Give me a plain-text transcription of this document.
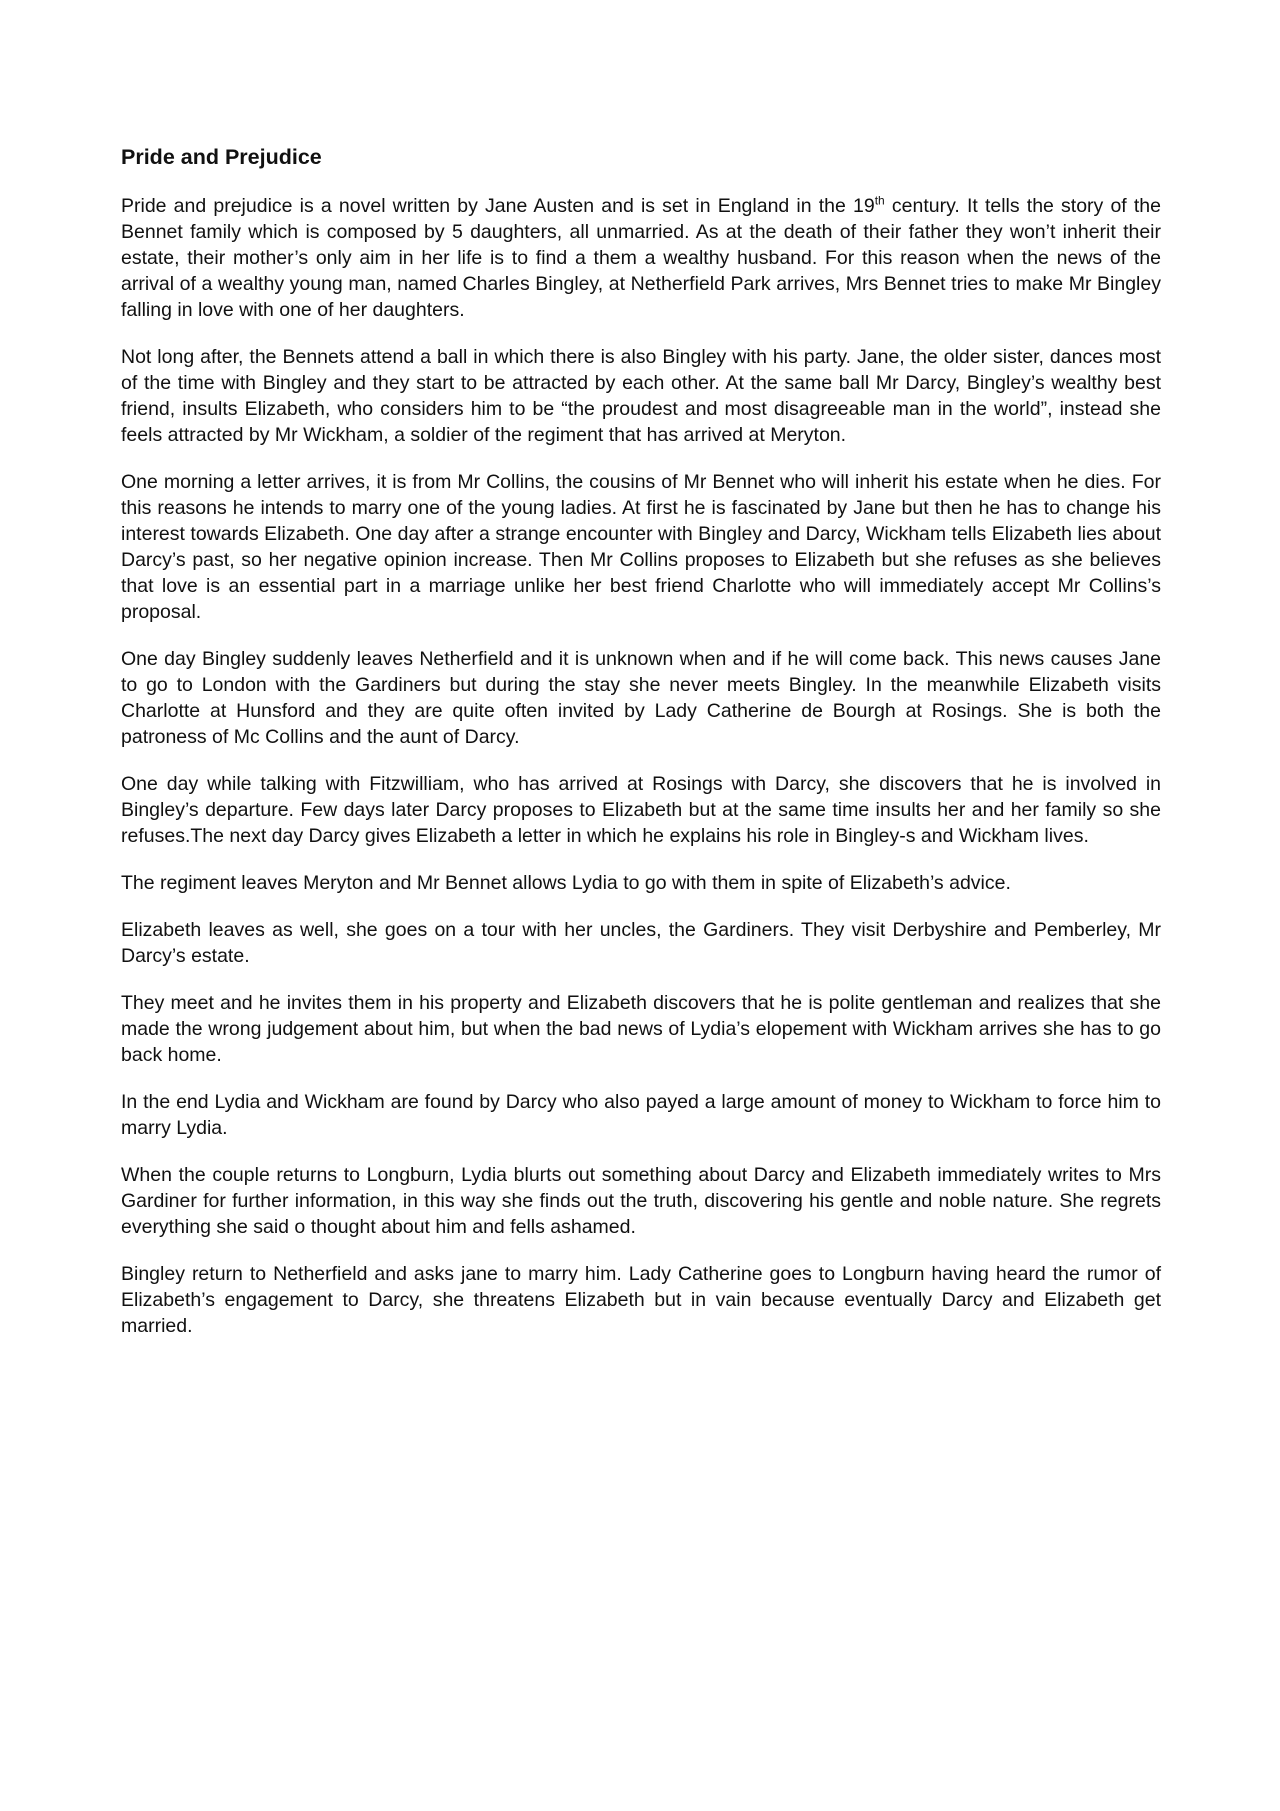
Pride and Prejudice

Pride and prejudice is a novel written by Jane Austen and is set in England in the 19th century. It tells the story of the Bennet family which is composed by 5 daughters, all unmarried. As at the death of their father they won’t inherit their estate, their mother’s only aim in her life is to find a them a wealthy husband. For this reason when the news of the arrival of a wealthy young man, named Charles Bingley, at Netherfield Park arrives, Mrs Bennet tries to make Mr Bingley falling in love with one of her daughters.

Not long after, the Bennets attend a ball in which there is also Bingley with his party. Jane, the older sister, dances most of the time with Bingley and they start to be attracted by each other. At the same ball Mr Darcy, Bingley’s wealthy best friend, insults Elizabeth, who considers him to be “the proudest and most disagreeable man in the world”, instead she feels attracted by Mr Wickham, a soldier of the regiment that has arrived at Meryton.

One morning a letter arrives, it is from Mr Collins, the cousins of Mr Bennet who will inherit his estate when he dies. For this reasons he intends to marry one of the young ladies. At first he is fascinated by Jane but then he has to change his interest towards Elizabeth. One day after a strange encounter with Bingley and Darcy, Wickham tells Elizabeth lies about Darcy’s past, so her negative opinion increase. Then Mr Collins proposes to Elizabeth but she refuses as she believes that love is an essential part in a marriage unlike her best friend Charlotte who will immediately accept Mr Collins’s proposal.

One day Bingley suddenly leaves Netherfield and it is unknown when and if he will come back. This news causes Jane to go to London with the Gardiners but during the stay she never meets Bingley. In the meanwhile Elizabeth visits Charlotte at Hunsford and they are quite often invited by Lady Catherine de Bourgh at Rosings. She is both the patroness of Mc Collins and the aunt of Darcy.

One day while talking with Fitzwilliam, who has arrived at Rosings with Darcy, she discovers that he is involved in Bingley’s departure. Few days later Darcy proposes to Elizabeth but at the same time insults her and her family so she refuses.The next day Darcy gives Elizabeth a letter in which he explains his role in Bingley-s and Wickham lives.

The regiment leaves Meryton and Mr Bennet allows Lydia to go with them in spite of Elizabeth’s advice.

Elizabeth leaves as well, she goes on a tour with her uncles, the Gardiners. They visit Derbyshire and Pemberley, Mr Darcy’s estate.

They meet and he invites them in his property and Elizabeth discovers that he is polite gentleman and realizes that she made the wrong judgement about him, but when the bad news of Lydia’s elopement with Wickham arrives she has to go back home.

In the end Lydia and Wickham are found by Darcy who also payed a large amount of money to Wickham to force him to marry Lydia.

When the couple returns to Longburn, Lydia blurts out something about Darcy and Elizabeth immediately writes to Mrs Gardiner for further information, in this way she finds out the truth, discovering his gentle and noble nature. She regrets everything she said o thought about him and fells ashamed.

Bingley return to Netherfield and asks jane to marry him. Lady Catherine goes to Longburn having heard the rumor of Elizabeth’s engagement to Darcy, she threatens Elizabeth but in vain because eventually Darcy and Elizabeth get married.
